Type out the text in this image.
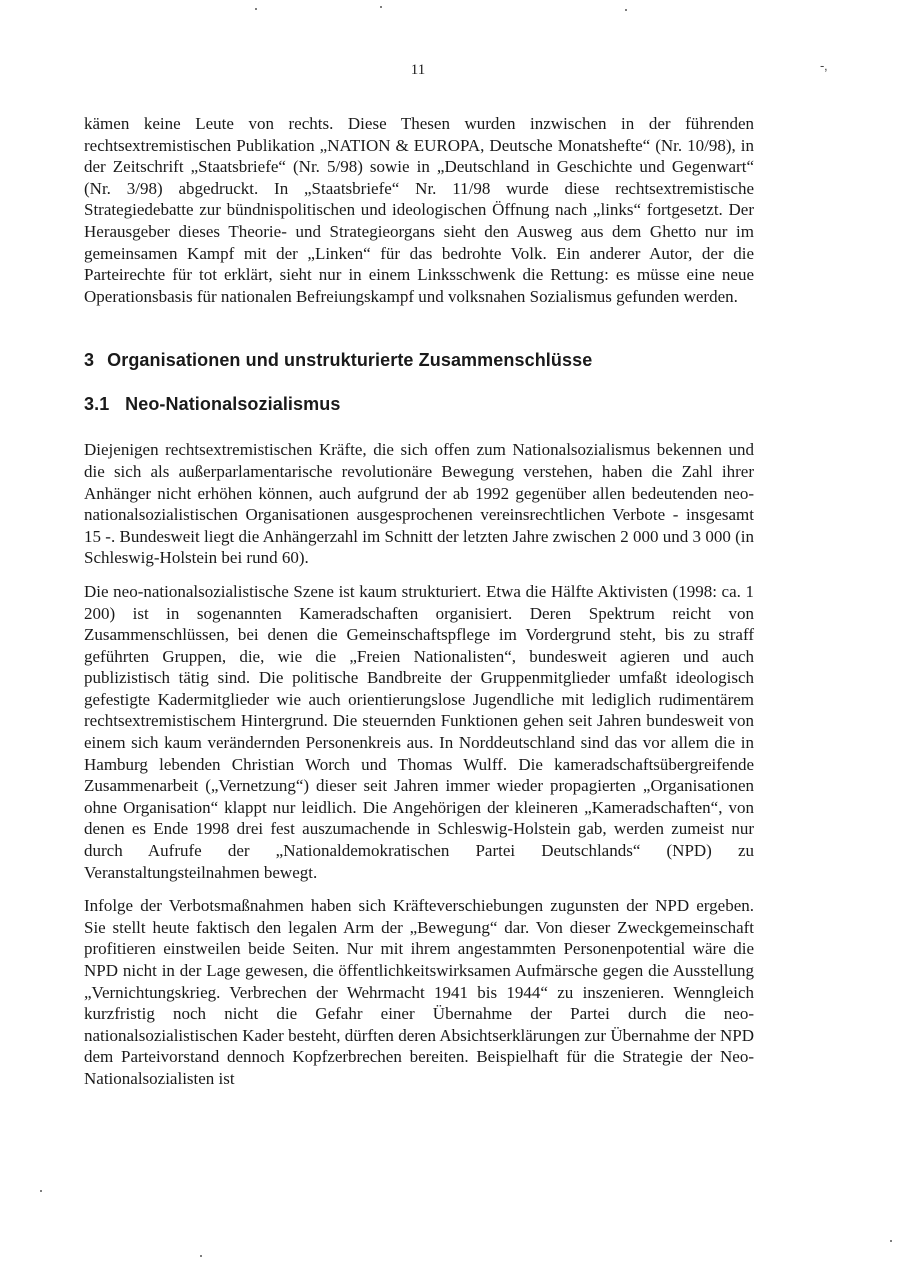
11	-‚

kämen keine Leute von rechts. Diese Thesen wurden inzwischen in der führenden rechtsextremistischen Publikation „NATION & EUROPA, Deutsche Monatshefte“ (Nr. 10/98), in der Zeitschrift „Staatsbriefe“ (Nr. 5/98) sowie in „Deutschland in Geschichte und Gegenwart“ (Nr. 3/98) abgedruckt. In „Staatsbriefe“ Nr. 11/98 wurde diese rechtsextremistische Strategiedebatte zur bündnispolitischen und ideologischen Öffnung nach „links“ fortgesetzt. Der Herausgeber dieses Theorie- und Strategieorgans sieht den Ausweg aus dem Ghetto nur im gemeinsamen Kampf mit der „Linken“ für das bedrohte Volk. Ein anderer Autor, der die Parteirechte für tot erklärt, sieht nur in einem Linksschwenk die Rettung: es müsse eine neue Operationsbasis für nationalen Befreiungskampf und volksnahen Sozialismus gefunden werden.

3 Organisationen und unstrukturierte Zusammenschlüsse
3.1 Neo-Nationalsozialismus

Diejenigen rechtsextremistischen Kräfte, die sich offen zum Nationalsozialismus bekennen und die sich als außerparlamentarische revolutionäre Bewegung verstehen, haben die Zahl ihrer Anhänger nicht erhöhen können, auch aufgrund der ab 1992 gegenüber allen bedeutenden neo-nationalsozialistischen Organisationen ausgesprochenen vereinsrechtlichen Verbote - insgesamt 15 -. Bundesweit liegt die Anhängerzahl im Schnitt der letzten Jahre zwischen 2 000 und 3 000 (in Schleswig-Holstein bei rund 60).

Die neo-nationalsozialistische Szene ist kaum strukturiert. Etwa die Hälfte Aktivisten (1998: ca. 1 200) ist in sogenannten Kameradschaften organisiert. Deren Spektrum reicht von Zusammenschlüssen, bei denen die Gemeinschaftspflege im Vordergrund steht, bis zu straff geführten Gruppen, die, wie die „Freien Nationalisten“, bundesweit agieren und auch publizistisch tätig sind. Die politische Bandbreite der Gruppenmitglieder umfaßt ideologisch gefestigte Kadermitglieder wie auch orientierungslose Jugendliche mit lediglich rudimentärem rechtsextremistischem Hintergrund. Die steuernden Funktionen gehen seit Jahren bundesweit von einem sich kaum verändernden Personenkreis aus. In Norddeutschland sind das vor allem die in Hamburg lebenden Christian Worch und Thomas Wulff. Die kameradschaftsübergreifende Zusammenarbeit („Vernetzung“) dieser seit Jahren immer wieder propagierten „Organisationen ohne Organisation“ klappt nur leidlich. Die Angehörigen der kleineren „Kameradschaften“, von denen es Ende 1998 drei fest auszumachende in Schleswig-Holstein gab, werden zumeist nur durch Aufrufe der „Nationaldemokratischen Partei Deutschlands“ (NPD) zu Veranstaltungsteilnahmen bewegt.

Infolge der Verbotsmaßnahmen haben sich Kräfteverschiebungen zugunsten der NPD ergeben. Sie stellt heute faktisch den legalen Arm der „Bewegung“ dar. Von dieser Zweckgemeinschaft profitieren einstweilen beide Seiten. Nur mit ihrem angestammten Personenpotential wäre die NPD nicht in der Lage gewesen, die öffentlichkeitswirksamen Aufmärsche gegen die Ausstellung „Vernichtungskrieg. Verbrechen der Wehrmacht 1941 bis 1944“ zu inszenieren. Wenngleich kurzfristig noch nicht die Gefahr einer Übernahme der Partei durch die neo-nationalsozialistischen Kader besteht, dürften deren Absichtserklärungen zur Übernahme der NPD dem Parteivorstand dennoch Kopfzerbrechen bereiten. Beispielhaft für die Strategie der Neo-Nationalsozialisten ist
